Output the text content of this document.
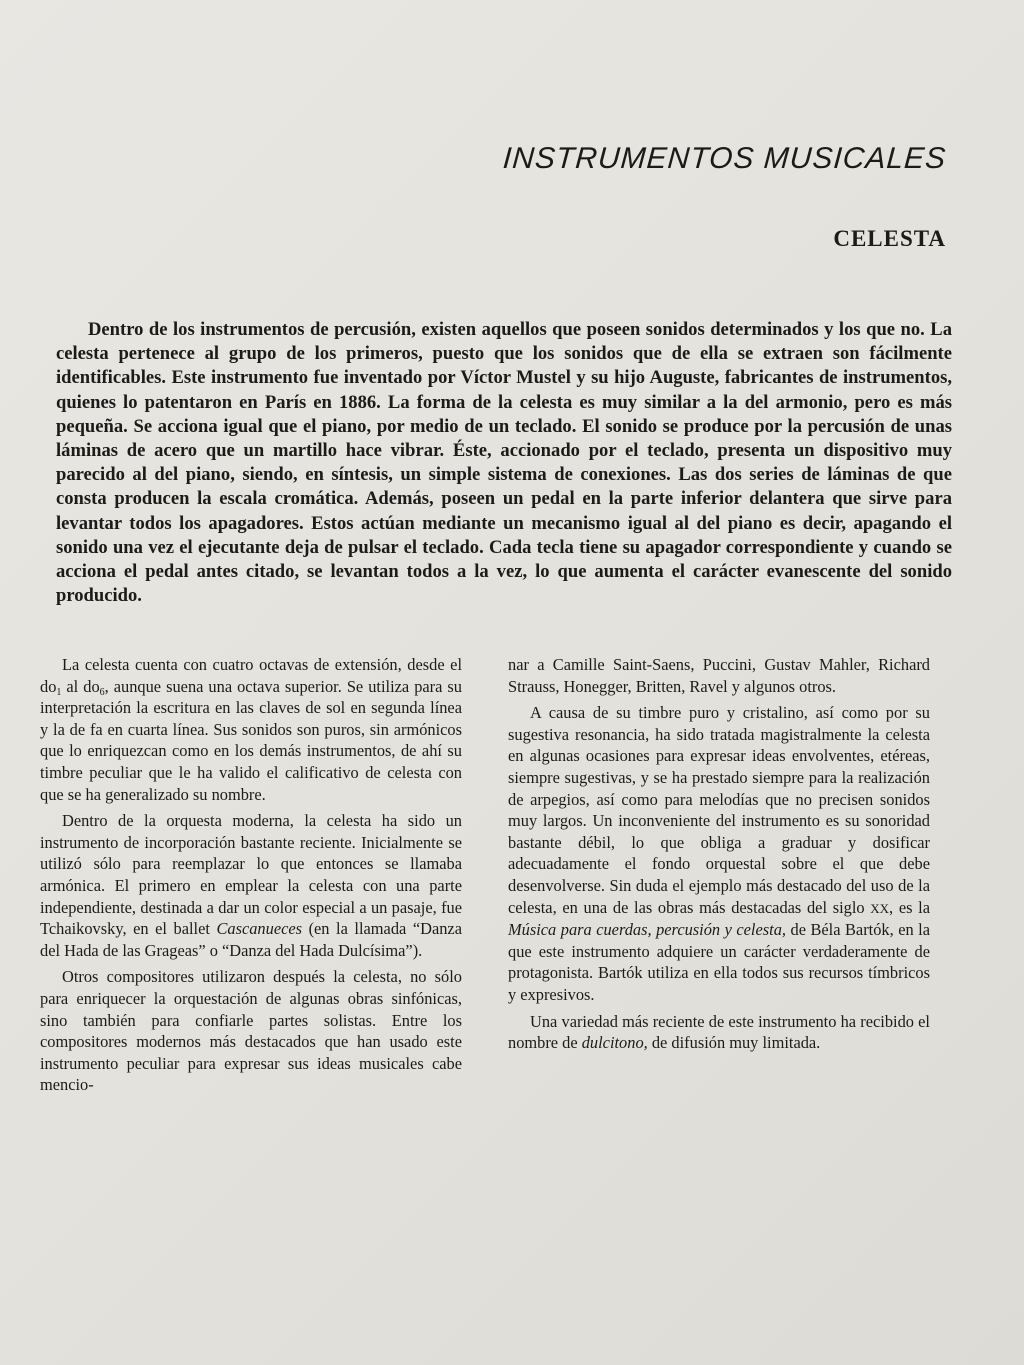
INSTRUMENTOS MUSICALES
CELESTA

Dentro de los instrumentos de percusión, existen aquellos que poseen sonidos determinados y los que no. La celesta pertenece al grupo de los primeros, puesto que los sonidos que de ella se extraen son fácilmente identificables. Este instrumento fue inventado por Víctor Mustel y su hijo Auguste, fabricantes de instrumentos, quienes lo patentaron en París en 1886. La forma de la celesta es muy similar a la del armonio, pero es más pequeña. Se acciona igual que el piano, por medio de un teclado. El sonido se produce por la percusión de unas láminas de acero que un martillo hace vibrar. Éste, accionado por el teclado, presenta un dispositivo muy parecido al del piano, siendo, en síntesis, un simple sistema de conexiones. Las dos series de láminas de que consta producen la escala cromática. Además, poseen un pedal en la parte inferior delantera que sirve para levantar todos los apagadores. Estos actúan mediante un mecanismo igual al del piano es decir, apagando el sonido una vez el ejecutante deja de pulsar el teclado. Cada tecla tiene su apagador correspondiente y cuando se acciona el pedal antes citado, se levantan todos a la vez, lo que aumenta el carácter evanescente del sonido producido.

La celesta cuenta con cuatro octavas de extensión, desde el $do_1$ al $do_6$, aunque suena una octava superior. Se utiliza para su interpretación la escritura en las claves de sol en segunda línea y la de fa en cuarta línea. Sus sonidos son puros, sin armónicos que lo enriquezcan como en los demás instrumentos, de ahí su timbre peculiar que le ha valido el calificativo de celesta con que se ha generalizado su nombre.

Dentro de la orquesta moderna, la celesta ha sido un instrumento de incorporación bastante reciente. Inicialmente se utilizó sólo para reemplazar lo que entonces se llamaba armónica. El primero en emplear la celesta con una parte independiente, destinada a dar un color especial a un pasaje, fue Tchaikovsky, en el ballet Cascanueces (en la llamada “Danza del Hada de las Grageas” o “Danza del Hada Dulcísima”).

Otros compositores utilizaron después la celesta, no sólo para enriquecer la orquestación de algunas obras sinfónicas, sino también para confiarle partes solistas. Entre los compositores modernos más destacados que han usado este instrumento peculiar para expresar sus ideas musicales cabe mencio-

nar a Camille Saint-Saens, Puccini, Gustav Mahler, Richard Strauss, Honegger, Britten, Ravel y algunos otros.

A causa de su timbre puro y cristalino, así como por su sugestiva resonancia, ha sido tratada magistralmente la celesta en algunas ocasiones para expresar ideas envolventes, etéreas, siempre sugestivas, y se ha prestado siempre para la realización de arpegios, así como para melodías que no precisen sonidos muy largos. Un inconveniente del instrumento es su sonoridad bastante débil, lo que obliga a graduar y dosificar adecuadamente el fondo orquestal sobre el que debe desenvolverse. Sin duda el ejemplo más destacado del uso de la celesta, en una de las obras más destacadas del siglo XX, es la Música para cuerdas, percusión y celesta, de Béla Bartók, en la que este instrumento adquiere un carácter verdaderamente de protagonista. Bartók utiliza en ella todos sus recursos tímbricos y expresivos.

Una variedad más reciente de este instrumento ha recibido el nombre de dulcitono, de difusión muy limitada.
